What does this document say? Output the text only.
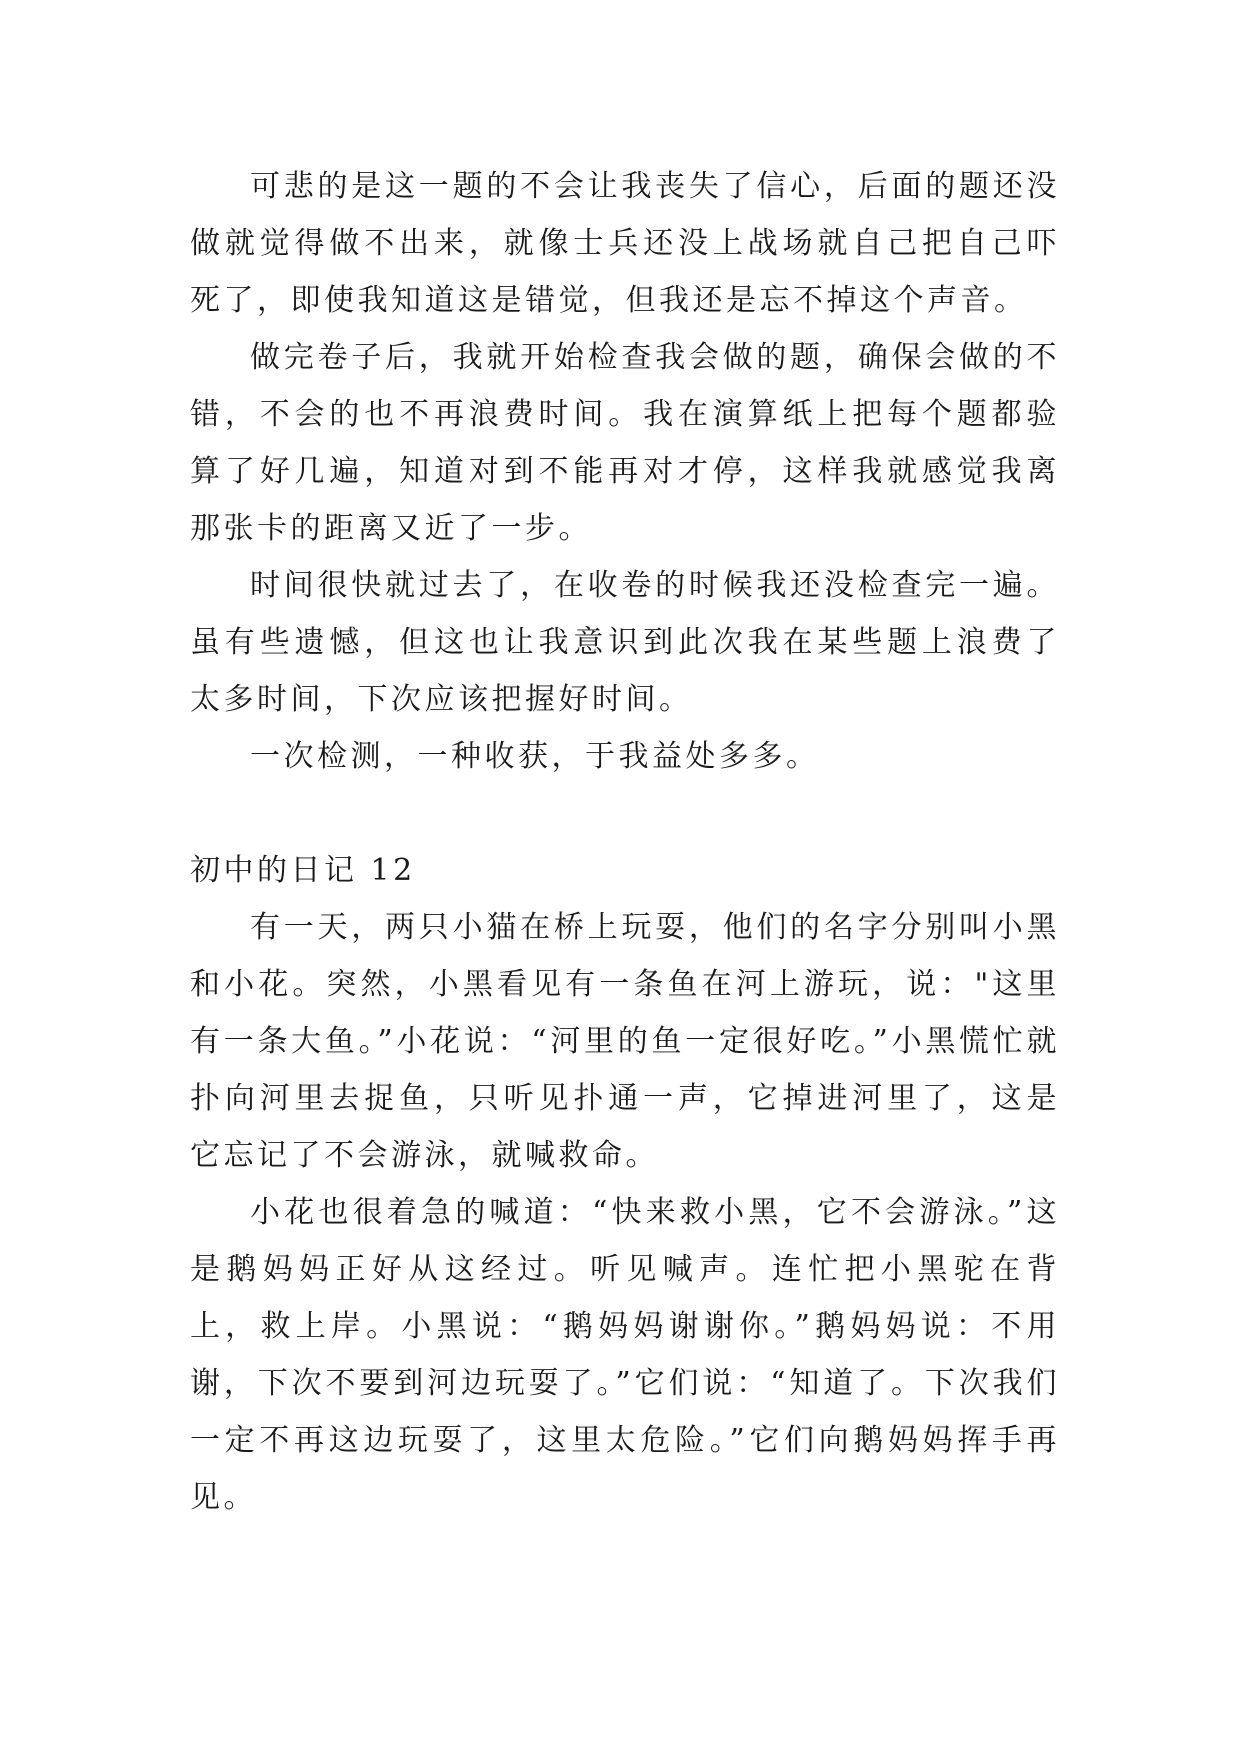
可悲的是这一题的不会让我丧失了信心，后面的题还没做就觉得做不出来，就像士兵还没上战场就自己把自己吓死了，即使我知道这是错觉，但我还是忘不掉这个声音。

做完卷子后，我就开始检查我会做的题，确保会做的不错，不会的也不再浪费时间。我在演算纸上把每个题都验算了好几遍，知道对到不能再对才停，这样我就感觉我离那张卡的距离又近了一步。

时间很快就过去了，在收卷的时候我还没检查完一遍。虽有些遗憾，但这也让我意识到此次我在某些题上浪费了太多时间，下次应该把握好时间。

一次检测，一种收获，于我益处多多。

初中的日记 12

有一天，两只小猫在桥上玩耍，他们的名字分别叫小黑和小花。突然，小黑看见有一条鱼在河上游玩，说："这里有一条大鱼。”小花说：“河里的鱼一定很好吃。”小黑慌忙就扑向河里去捉鱼，只听见扑通一声，它掉进河里了，这是它忘记了不会游泳，就喊救命。

小花也很着急的喊道：“快来救小黑，它不会游泳。”这是鹅妈妈正好从这经过。听见喊声。连忙把小黑驼在背上，救上岸。小黑说：“鹅妈妈谢谢你。”鹅妈妈说：不用谢，下次不要到河边玩耍了。”它们说：“知道了。下次我们一定不再这边玩耍了，这里太危险。”它们向鹅妈妈挥手再见。
